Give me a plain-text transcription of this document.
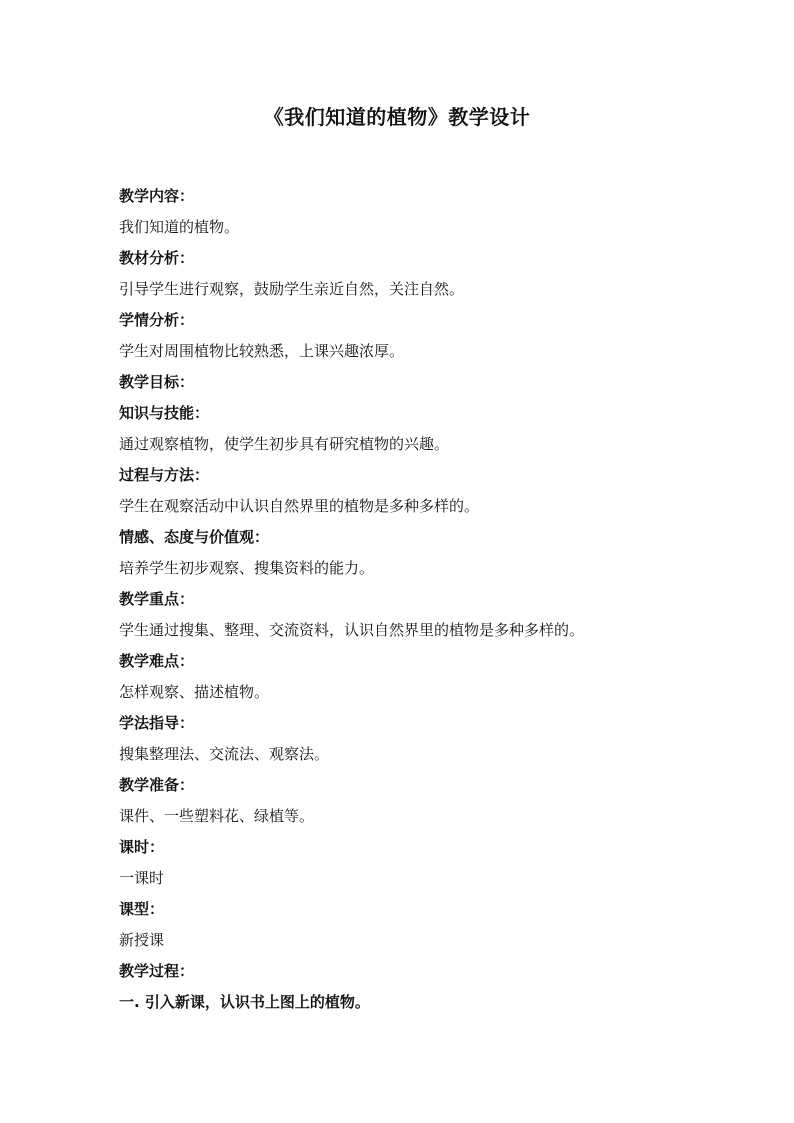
《我们知道的植物》教学设计
教学内容：
我们知道的植物。
教材分析：
引导学生进行观察，鼓励学生亲近自然，关注自然。
学情分析：
学生对周围植物比较熟悉，上课兴趣浓厚。
教学目标：
知识与技能：
通过观察植物，使学生初步具有研究植物的兴趣。
过程与方法：
学生在观察活动中认识自然界里的植物是多种多样的。
情感、态度与价值观：
培养学生初步观察、搜集资料的能力。
教学重点：
学生通过搜集、整理、交流资料，认识自然界里的植物是多种多样的。
教学难点：
怎样观察、描述植物。
学法指导：
搜集整理法、交流法、观察法。
教学准备：
课件、一些塑料花、绿植等。
课时：
一课时
课型：
新授课
教学过程：
一. 引入新课，认识书上图上的植物。
